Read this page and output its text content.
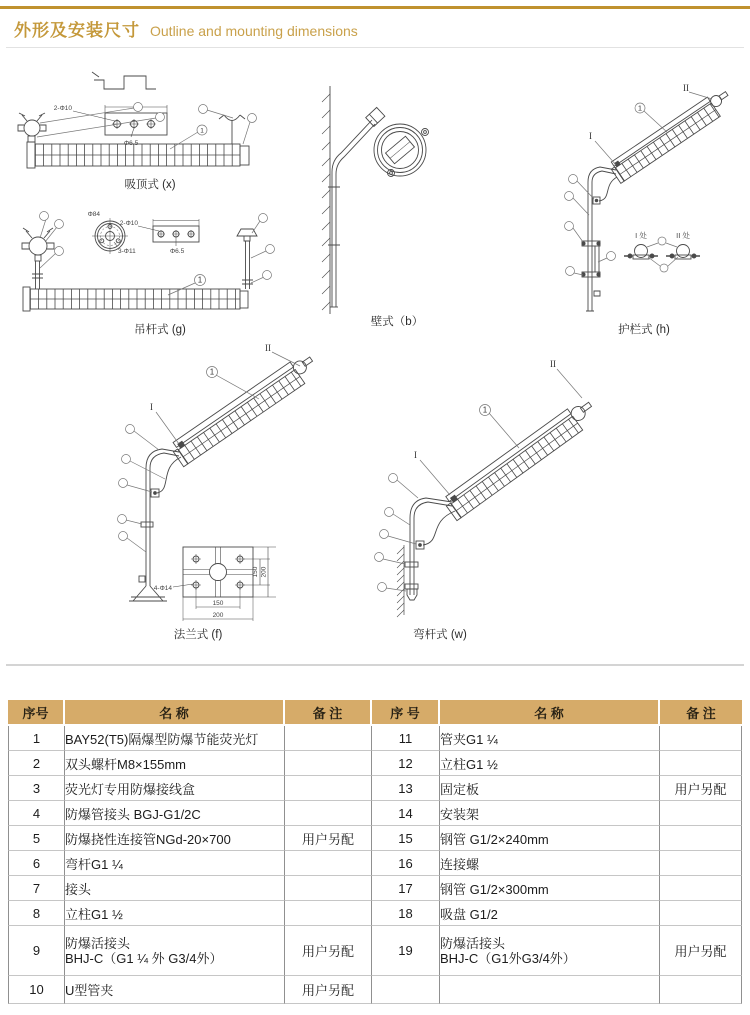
外形及安装尺寸 Outline and mounting dimensions
1
2-Φ10
Φ6.5
吸顶式 (x)
1
Φ84
3-Φ11
2-Φ10
Φ6.5
吊杆式 (g)
壁式（b）
1
II
I
I 处	II 处
护栏式 (h)
1
II
I
150 200
150
200
4-Φ14
法兰式 (f)
1
II
I
弯杆式 (w)
序号	名 称	备 注	序 号	名 称	备 注
1	BAY52(T5)隔爆型防爆节能荧光灯		11	管夹G1 ¼	
2	双头螺杆M8×155mm		12	立柱G1 ½	
3	荧光灯专用防爆接线盒		13	固定板	用户另配
4	防爆管接头 BGJ-G1/2C		14	安装架	
5	防爆挠性连接管NGd-20×700	用户另配	15	钢管 G1/2×240mm	
6	弯杆G1 ¼		16	连接螺	
7	接头		17	钢管 G1/2×300mm	
8	立柱G1 ½		18	吸盘 G1/2	
9	防爆活接头
BHJ-C（G1 ¼ 外 G3/4外）	用户另配	19	防爆活接头
BHJ-C（G1外G3/4外）	用户另配
10	U型管夹	用户另配			
